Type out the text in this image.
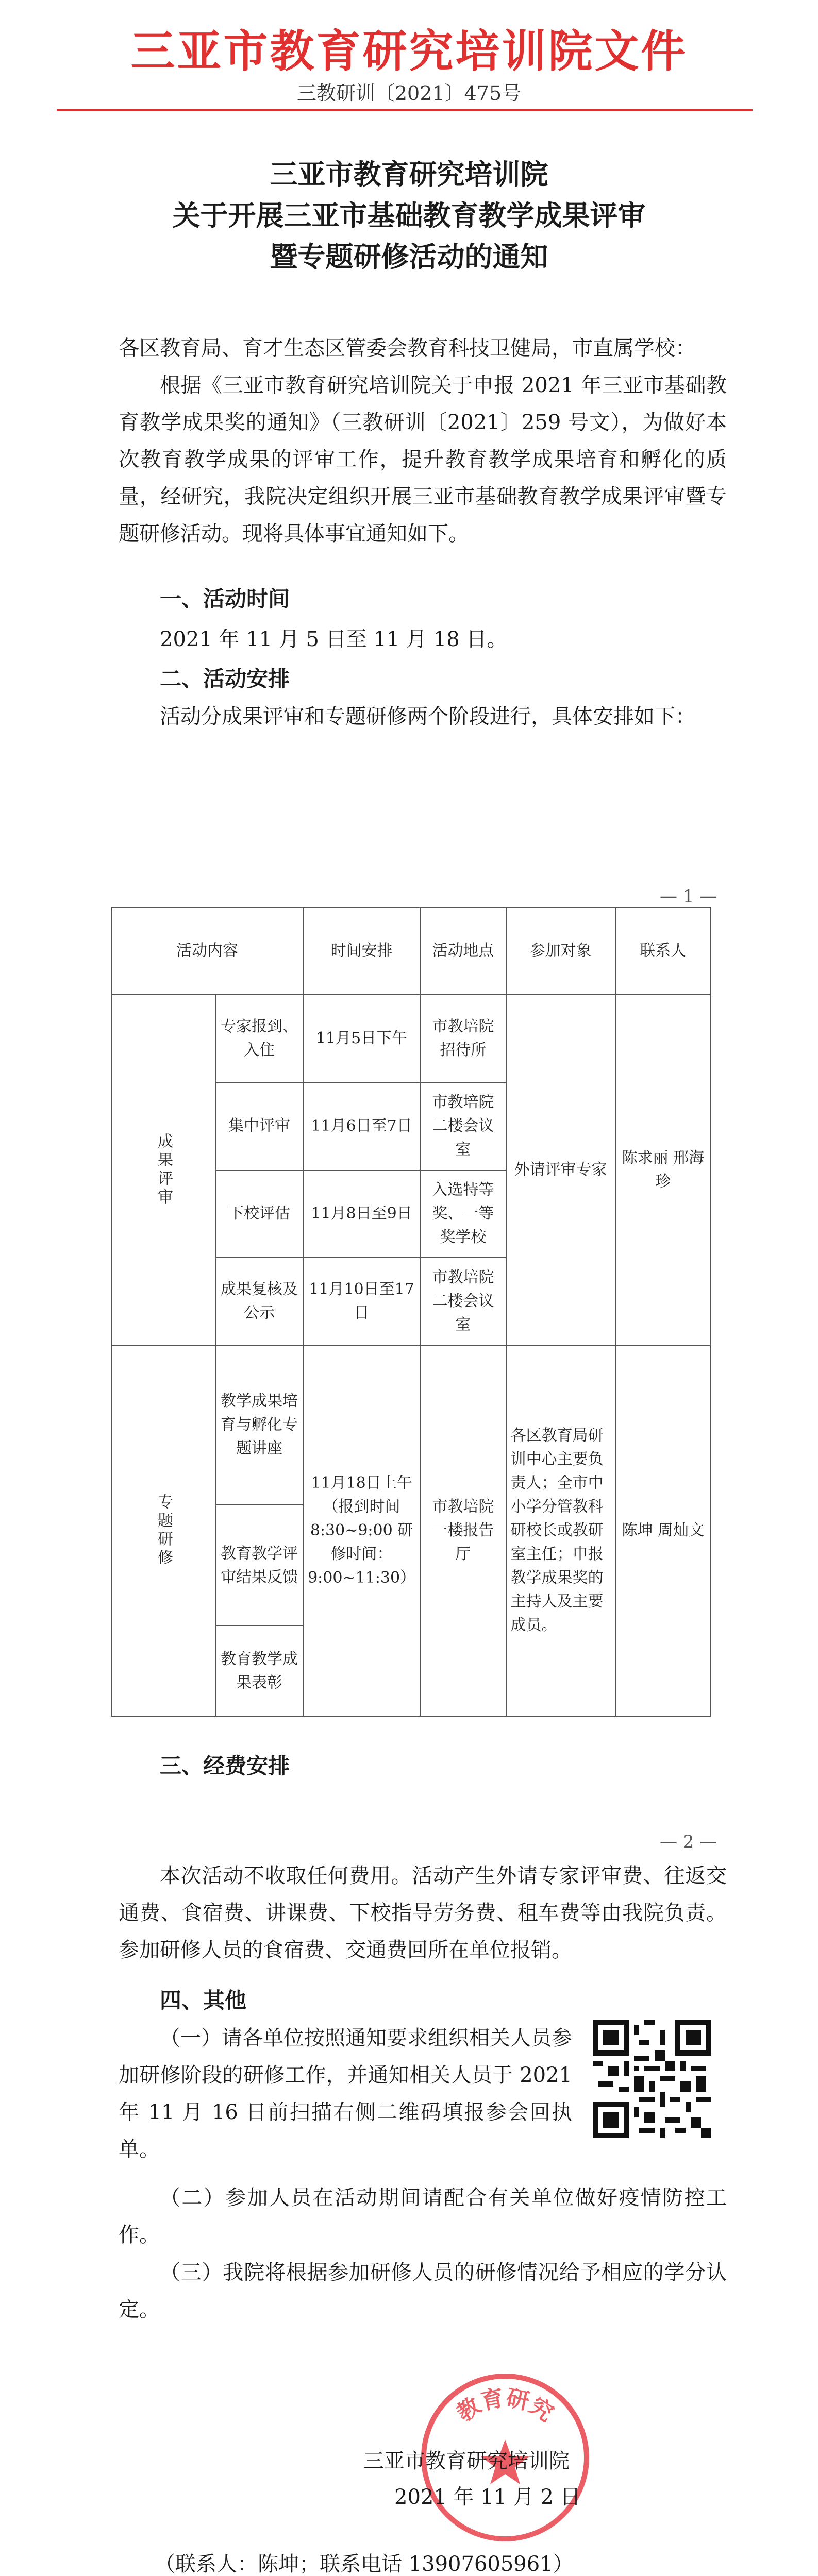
三亚市教育研究培训院文件
三教研训〔2021〕475号
三亚市教育研究培训院
关于开展三亚市基础教育教学成果评审
暨专题研修活动的通知
各区教育局、育才生态区管委会教育科技卫健局，市直属学校：
根据《三亚市教育研究培训院关于申报 2021 年三亚市基础教育教学成果奖的通知》（三教研训〔2021〕259 号文），为做好本次教育教学成果的评审工作，提升教育教学成果培育和孵化的质量，经研究，我院决定组织开展三亚市基础教育教学成果评审暨专题研修活动。现将具体事宜通知如下。
一、活动时间
2021 年 11 月 5 日至 11 月 18 日。
二、活动安排
活动分成果评审和专题研修两个阶段进行，具体安排如下：
— 1 —
活动内容		时间安排	活动地点	参加对象	联系人
成果评审	专家报到、入住	11月5日下午	市教培院招待所	外请评审专家	陈求丽 邢海珍
	集中评审	11月6日至7日	市教培院二楼会议室		
	下校评估	11月8日至9日	入选特等奖、一等奖学校		
	成果复核及公示	11月10日至17日	市教培院二楼会议室		
专题研修	教学成果培育与孵化专题讲座	11月18日上午（报到时间8:30~9:00 研修时间：9:00~11:30）	市教培院一楼报告厅	各区教育局研训中心主要负责人；全市中小学分管教科研校长或教研室主任；申报教学成果奖的主持人及主要成员。	陈坤 周灿文
	教育教学评审结果反馈				
	教育教学成果表彰				
三、经费安排
— 2 —
本次活动不收取任何费用。活动产生外请专家评审费、往返交通费、食宿费、讲课费、下校指导劳务费、租车费等由我院负责。参加研修人员的食宿费、交通费回所在单位报销。
四、其他
（一）请各单位按照通知要求组织相关人员参加研修阶段的研修工作，并通知相关人员于 2021 年 11 月 16 日前扫描右侧二维码填报参会回执单。
（二）参加人员在活动期间请配合有关单位做好疫情防控工作。
（三）我院将根据参加研修人员的研修情况给予相应的学分认定。
教育研究
三亚市教育研究培训院
2021 年 11 月 2 日
（联系人：陈坤；联系电话 13907605961）
